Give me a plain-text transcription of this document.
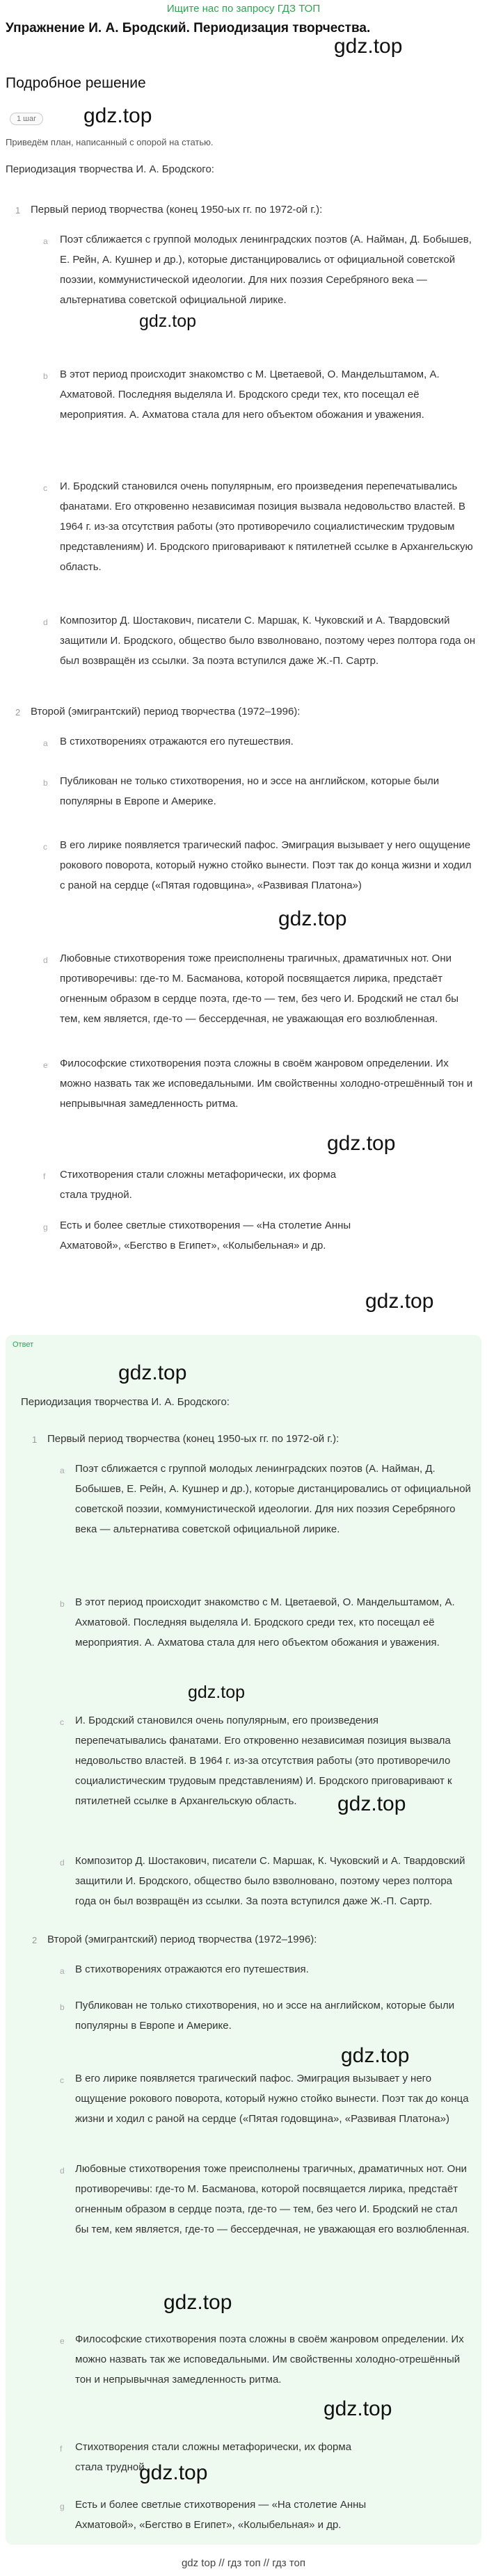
Ищите нас по запросу ГДЗ ТОП
Упражнение И. А. Бродский. Периодизация творчества.
gdz.top
Подробное решение
1 шаг	gdz.top
Приведём план, написанный с опорой на статью.
Периодизация творчества И. А. Бродского:
1 Первый период творчества (конец 1950-ых гг. по 1972-ой г.):
a Поэт сближается с группой молодых ленинградских поэтов (А. Найман, Д. Бобышев, Е. Рейн, А. Кушнер и др.), которые дистанцировались от официальной советской поэзии, коммунистической идеологии. Для них поэзия Серебряного века — альтернатива советской официальной лирике.
gdz.top
b В этот период происходит знакомство с М. Цветаевой, О. Мандельштамом, А. Ахматовой. Последняя выделяла И. Бродского среди тех, кто посещал её мероприятия. А. Ахматова стала для него объектом обожания и уважения.
c И. Бродский становился очень популярным, его произведения перепечатывались фанатами. Его откровенно независимая позиция вызвала недовольство властей. В 1964 г. из-за отсутствия работы (это противоречило социалистическим трудовым представлениям) И. Бродского приговаривают к пятилетней ссылке в Архангельскую область.
d Композитор Д. Шостакович, писатели С. Маршак, К. Чуковский и А. Твардовский защитили И. Бродского, общество было взволновано, поэтому через полтора года он был возвращён из ссылки. За поэта вступился даже Ж.-П. Сартр.
2 Второй (эмигрантский) период творчества (1972–1996):
a В стихотворениях отражаются его путешествия.
b Публикован не только стихотворения, но и эссе на английском, которые были популярны в Европе и Америке.
c В его лирике появляется трагический пафос. Эмиграция вызывает у него ощущение рокового поворота, который нужно стойко вынести. Поэт так до конца жизни и ходил с раной на сердце («Пятая годовщина», «Развивая Платона»)
gdz.top
d Любовные стихотворения тоже преисполнены трагичных, драматичных нот. Они противоречивы: где-то М. Басманова, которой посвящается лирика, предстаёт огненным образом в сердце поэта, где-то — тем, без чего И. Бродский не стал бы тем, кем является, где-то — бессердечная, не уважающая его возлюбленная.
e Философские стихотворения поэта сложны в своём жанровом определении. Их можно назвать так же исповедальными. Им свойственны холодно-отрешённый тон и непрывычная замедленность ритма.
gdz.top
f Стихотворения стали сложны метафорически, их форма стала трудной.
g Есть и более светлые стихотворения — «На столетие Анны Ахматовой», «Бегство в Египет», «Колыбельная» и др.
gdz.top
Ответ
gdz.top
Периодизация творчества И. А. Бродского:
1 Первый период творчества (конец 1950-ых гг. по 1972-ой г.):
a Поэт сближается с группой молодых ленинградских поэтов (А. Найман, Д. Бобышев, Е. Рейн, А. Кушнер и др.), которые дистанцировались от официальной советской поэзии, коммунистической идеологии. Для них поэзия Серебряного века — альтернатива советской официальной лирике.
b В этот период происходит знакомство с М. Цветаевой, О. Мандельштамом, А. Ахматовой. Последняя выделяла И. Бродского среди тех, кто посещал её мероприятия. А. Ахматова стала для него объектом обожания и уважения.
gdz.top
c И. Бродский становился очень популярным, его произведения перепечатывались фанатами. Его откровенно независимая позиция вызвала недовольство властей. В 1964 г. из-за отсутствия работы (это противоречило социалистическим трудовым представлениям) И. Бродского приговаривают к пятилетней ссылке в Архангельскую область.	gdz.top
d Композитор Д. Шостакович, писатели С. Маршак, К. Чуковский и А. Твардовский защитили И. Бродского, общество было взволновано, поэтому через полтора года он был возвращён из ссылки. За поэта вступился даже Ж.-П. Сартр.
2 Второй (эмигрантский) период творчества (1972–1996):
a В стихотворениях отражаются его путешествия.
b Публикован не только стихотворения, но и эссе на английском, которые были популярны в Европе и Америке.
gdz.top
c В его лирике появляется трагический пафос. Эмиграция вызывает у него ощущение рокового поворота, который нужно стойко вынести. Поэт так до конца жизни и ходил с раной на сердце («Пятая годовщина», «Развивая Платона»)
d Любовные стихотворения тоже преисполнены трагичных, драматичных нот. Они противоречивы: где-то М. Басманова, которой посвящается лирика, предстаёт огненным образом в сердце поэта, где-то — тем, без чего И. Бродский не стал бы тем, кем является, где-то — бессердечная, не уважающая его возлюбленная.
gdz.top
e Философские стихотворения поэта сложны в своём жанровом определении. Их можно назвать так же исповедальными. Им свойственны холодно-отрешённый тон и непрывычная замедленность ритма.
gdz.top
f Стихотворения стали сложны метафорически, их форма стала трудной.
gdz.top
g Есть и более светлые стихотворения — «На столетие Анны Ахматовой», «Бегство в Египет», «Колыбельная» и др.
gdz top // гдз топ // гдз топ
